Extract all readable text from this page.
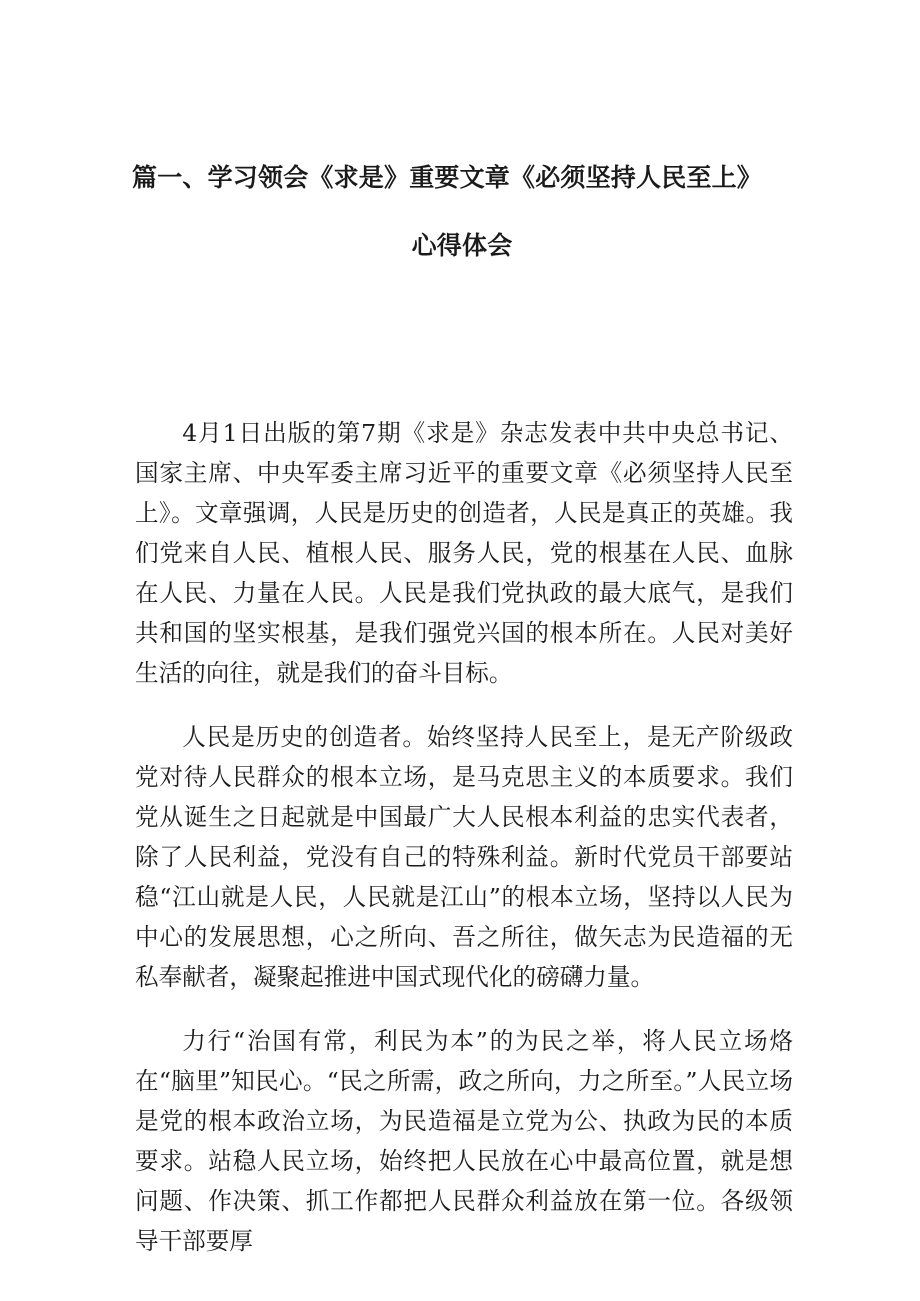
篇一、学习领会《求是》重要文章《必须坚持人民至上》
心得体会

4月1日出版的第7期《求是》杂志发表中共中央总书记、国家主席、中央军委主席习近平的重要文章《必须坚持人民至上》。文章强调，人民是历史的创造者，人民是真正的英雄。我们党来自人民、植根人民、服务人民，党的根基在人民、血脉在人民、力量在人民。人民是我们党执政的最大底气，是我们共和国的坚实根基，是我们强党兴国的根本所在。人民对美好生活的向往，就是我们的奋斗目标。

人民是历史的创造者。始终坚持人民至上，是无产阶级政党对待人民群众的根本立场，是马克思主义的本质要求。我们党从诞生之日起就是中国最广大人民根本利益的忠实代表者，除了人民利益，党没有自己的特殊利益。新时代党员干部要站稳“江山就是人民，人民就是江山”的根本立场，坚持以人民为中心的发展思想，心之所向、吾之所往，做矢志为民造福的无私奉献者，凝聚起推进中国式现代化的磅礴力量。

力行“治国有常，利民为本”的为民之举，将人民立场烙在“脑里”知民心。“民之所需，政之所向，力之所至。”人民立场是党的根本政治立场，为民造福是立党为公、执政为民的本质要求。站稳人民立场，始终把人民放在心中最高位置，就是想问题、作决策、抓工作都把人民群众利益放在第一位。各级领导干部要厚
